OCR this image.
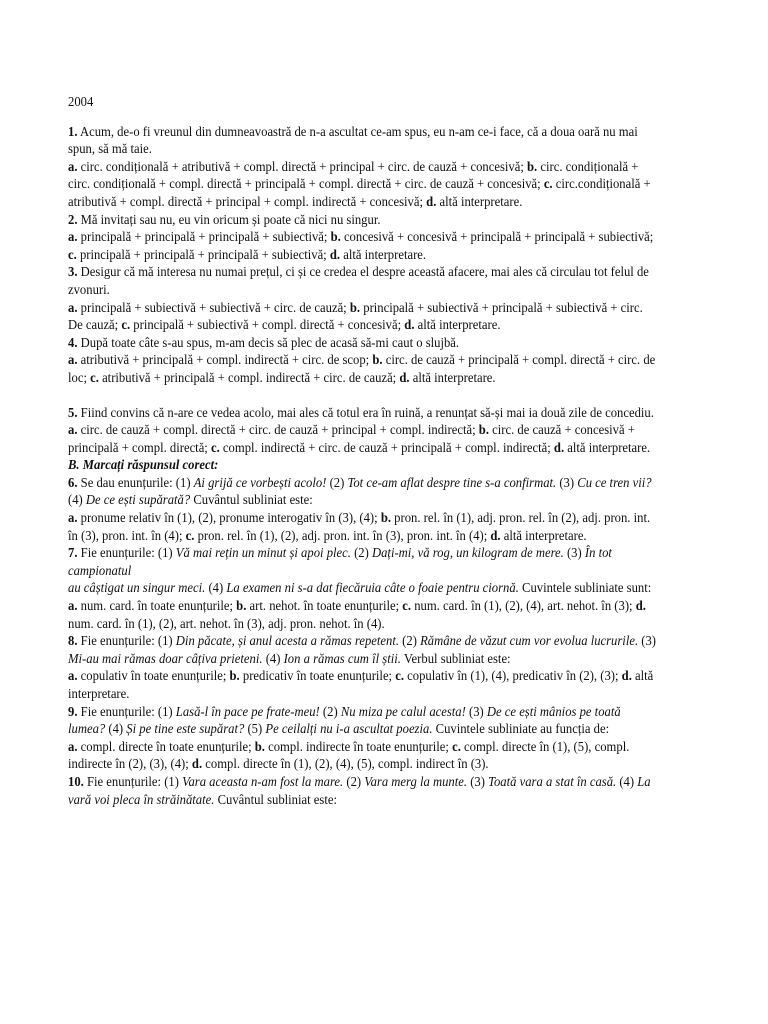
2004

1. Acum, de-o fi vreunul din dumneavoastră de n-a ascultat ce-am spus, eu n-am ce-i face, că a doua oară nu mai spun, să mă taie.

a. circ. condițională + atributivă + compl. directă + principal + circ. de cauză + concesivă; b. circ. condițională + circ. condițională + compl. directă + principală + compl. directă + circ. de cauză + concesivă; c. circ.condițională + atributivă + compl. directă + principal + compl. indirectă + concesivă; d. altă interpretare.

2. Mă invitați sau nu, eu vin oricum și poate că nici nu singur.

a. principală + principală + principală + subiectivă; b. concesivă + concesivă + principală + principală + subiectivă; c. principală + principală + principală + subiectivă; d. altă interpretare.

3. Desigur că mă interesa nu numai prețul, ci și ce credea el despre această afacere, mai ales că circulau tot felul de zvonuri.

a. principală + subiectivă + subiectivă + circ. de cauză; b. principală + subiectivă + principală + subiectivă + circ. De cauză; c. principală + subiectivă + compl. directă + concesivă; d. altă interpretare.

4. După toate câte s-au spus, m-am decis să plec de acasă să-mi caut o slujbă.

a. atributivă + principală + compl. indirectă + circ. de scop; b. circ. de cauză + principală + compl. directă + circ. de loc; c. atributivă + principală + compl. indirectă + circ. de cauză; d. altă interpretare.

5. Fiind convins că n-are ce vedea acolo, mai ales că totul era în ruină, a renunțat să-și mai ia două zile de concediu.

a. circ. de cauză + compl. directă + circ. de cauză + principal + compl. indirectă; b. circ. de cauză + concesivă + principală + compl. directă; c. compl. indirectă + circ. de cauză + principală + compl. indirectă; d. altă interpretare.

B. Marcați răspunsul corect:

6. Se dau enunțurile: (1) Ai grijă ce vorbești acolo! (2) Tot ce-am aflat despre tine s-a confirmat. (3) Cu ce tren vii? (4) De ce ești supărată? Cuvântul subliniat este:

a. pronume relativ în (1), (2), pronume interogativ în (3), (4); b. pron. rel. în (1), adj. pron. rel. în (2), adj. pron. int. în (3), pron. int. în (4); c. pron. rel. în (1), (2), adj. pron. int. în (3), pron. int. în (4); d. altă interpretare.

7. Fie enunțurile: (1) Vă mai rețin un minut și apoi plec. (2) Dați-mi, vă rog, un kilogram de mere. (3) În tot campionatul
au câștigat un singur meci. (4) La examen ni s-a dat fiecăruia câte o foaie pentru ciornă. Cuvintele subliniate sunt:

a. num. card. în toate enunțurile; b. art. nehot. în toate enunțurile; c. num. card. în (1), (2), (4), art. nehot. în (3); d. num. card. în (1), (2), art. nehot. în (3), adj. pron. nehot. în (4).

8. Fie enunțurile: (1) Din păcate, și anul acesta a rămas repetent. (2) Rămâne de văzut cum vor evolua lucrurile. (3) Mi-au mai rămas doar câțiva prieteni. (4) Ion a rămas cum îl știi. Verbul subliniat este:

a. copulativ în toate enunțurile; b. predicativ în toate enunțurile; c. copulativ în (1), (4), predicativ în (2), (3); d. altă interpretare.

9. Fie enunțurile: (1) Lasă-l în pace pe frate-meu! (2) Nu miza pe calul acesta! (3) De ce ești mânios pe toată lumea? (4) Și pe tine este supărat? (5) Pe ceilalți nu i-a ascultat poezia. Cuvintele subliniate au funcția de:

a. compl. directe în toate enunțurile; b. compl. indirecte în toate enunțurile; c. compl. directe în (1), (5), compl. indirecte în (2), (3), (4); d. compl. directe în (1), (2), (4), (5), compl. indirect în (3).

10. Fie enunțurile: (1) Vara aceasta n-am fost la mare. (2) Vara merg la munte. (3) Toată vara a stat în casă. (4) La vară voi pleca în străinătate. Cuvântul subliniat este:
